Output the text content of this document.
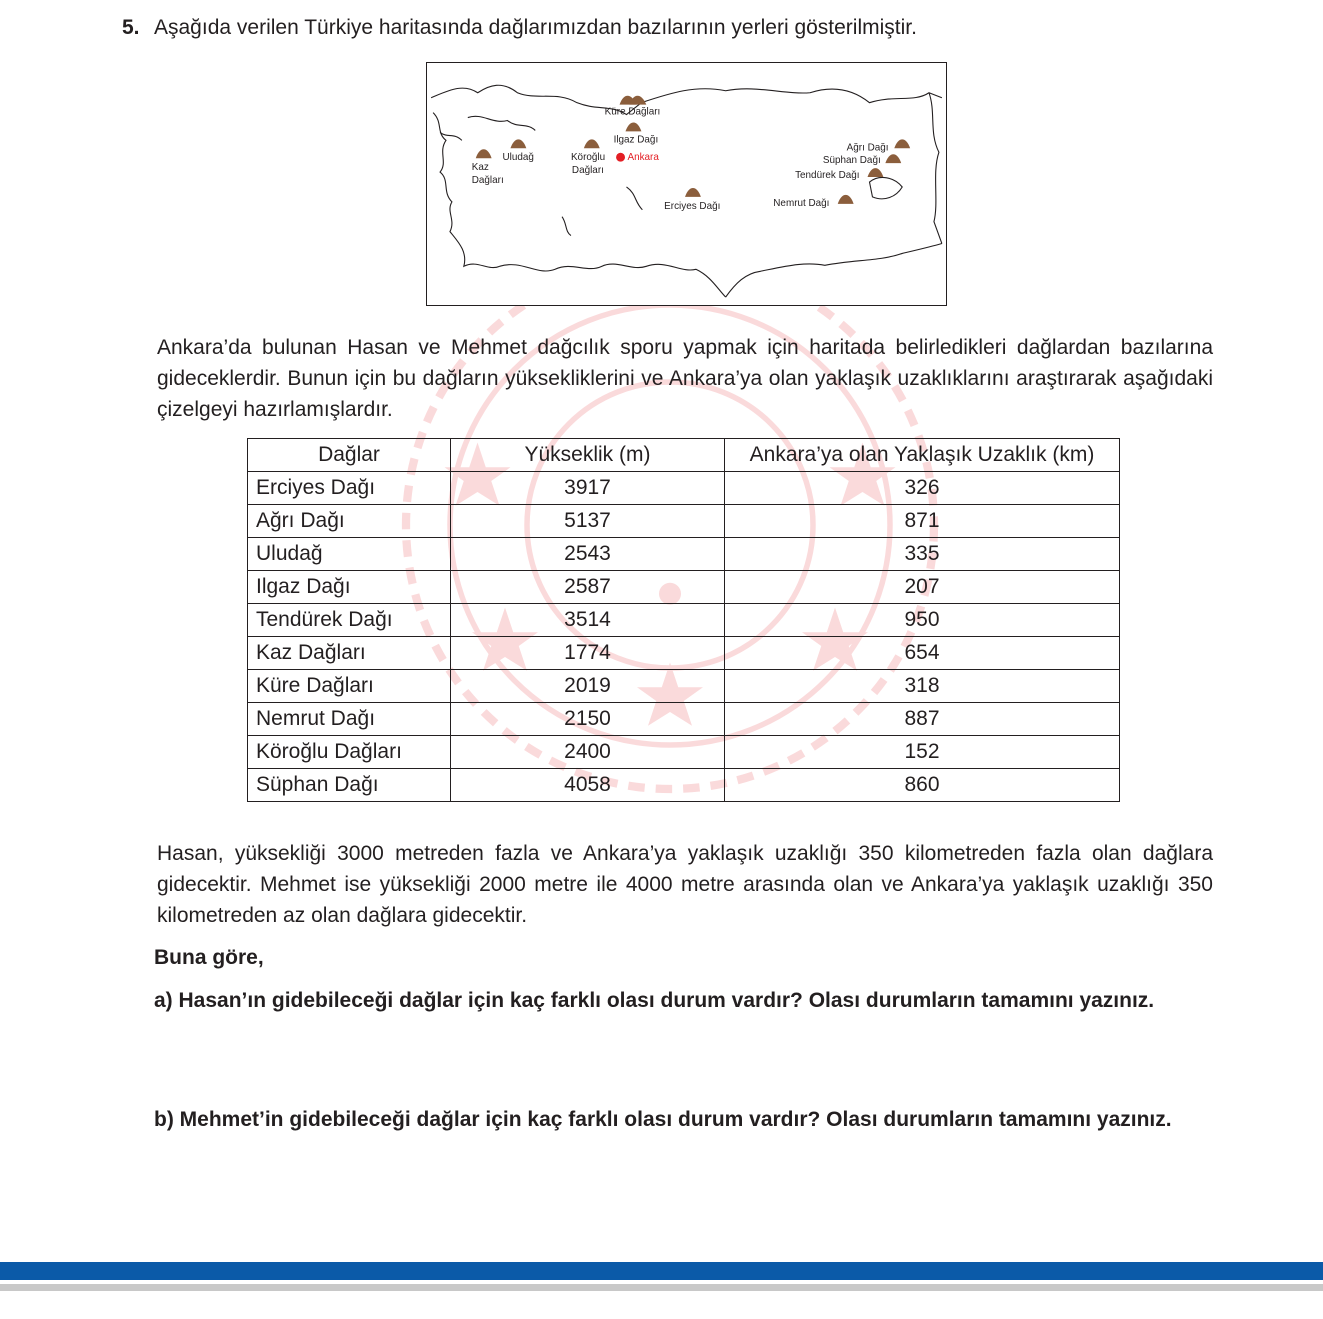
5. Aşağıda verilen Türkiye haritasında dağlarımızdan bazılarının yerleri gösterilmiştir.
Küre Dağları
Ilgaz Dağı
Uludağ
Kaz
Dağları
Köroğlu
Dağları
Ankara
Ağrı Dağı
Süphan Dağı
Tendürek Dağı
Erciyes Dağı	Nemrut Dağı
Ankara’da bulunan Hasan ve Mehmet dağcılık sporu yapmak için haritada belirledikleri dağlardan bazılarına gideceklerdir. Bunun için bu dağların yüksekliklerini ve Ankara’ya olan yaklaşık uzaklıklarını araştırarak aşağıdaki çizelgeyi hazırlamışlardır.
Dağlar	Yükseklik (m)	Ankara’ya olan Yaklaşık Uzaklık (km)
Erciyes Dağı	3917	326
Ağrı Dağı	5137	871
Uludağ	2543	335
Ilgaz Dağı	2587	207
Tendürek Dağı	3514	950
Kaz Dağları	1774	654
Küre Dağları	2019	318
Nemrut Dağı	2150	887
Köroğlu Dağları	2400	152
Süphan Dağı	4058	860
Hasan, yüksekliği 3000 metreden fazla ve Ankara’ya yaklaşık uzaklığı 350 kilometreden fazla olan dağlara gidecektir. Mehmet ise yüksekliği 2000 metre ile 4000 metre arasında olan ve Ankara’ya yaklaşık uzaklığı 350 kilometreden az olan dağlara gidecektir.
Buna göre,
a) Hasan’ın gidebileceği dağlar için kaç farklı olası durum vardır? Olası durumların tamamını yazınız.
b) Mehmet’in gidebileceği dağlar için kaç farklı olası durum vardır? Olası durumların tamamını yazınız.
